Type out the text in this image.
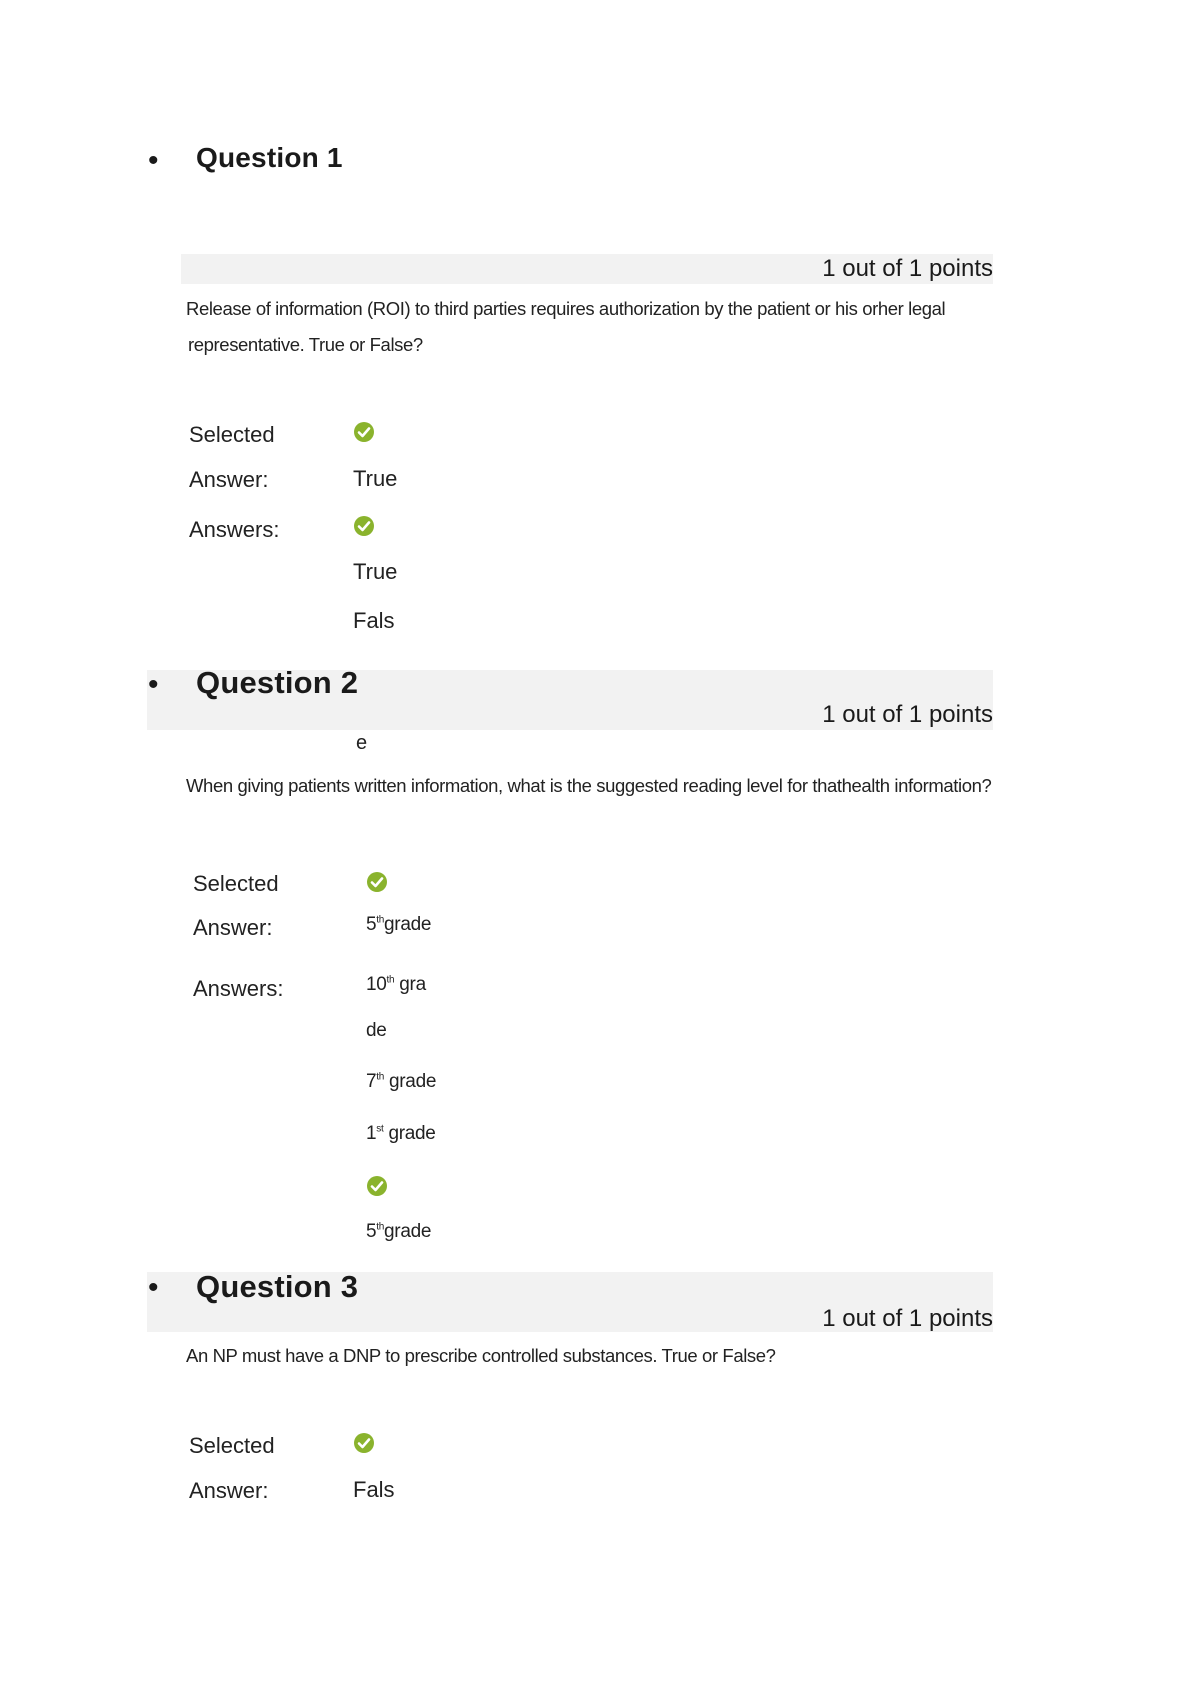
• Question 1
1 out of 1 points
Release of information (ROI) to third parties requires authorization by the patient or his orher legal
representative. True or False?
Selected
Answer:	True
Answers:
True
Fals
• Question 2
1 out of 1 points
e
When giving patients written information, what is the suggested reading level for thathealth information?
Selected
Answer:	5thgrade
Answers:	10th gra
de
7th grade
1st grade
5thgrade
• Question 3
1 out of 1 points
An NP must have a DNP to prescribe controlled substances. True or False?
Selected
Answer:	Fals
